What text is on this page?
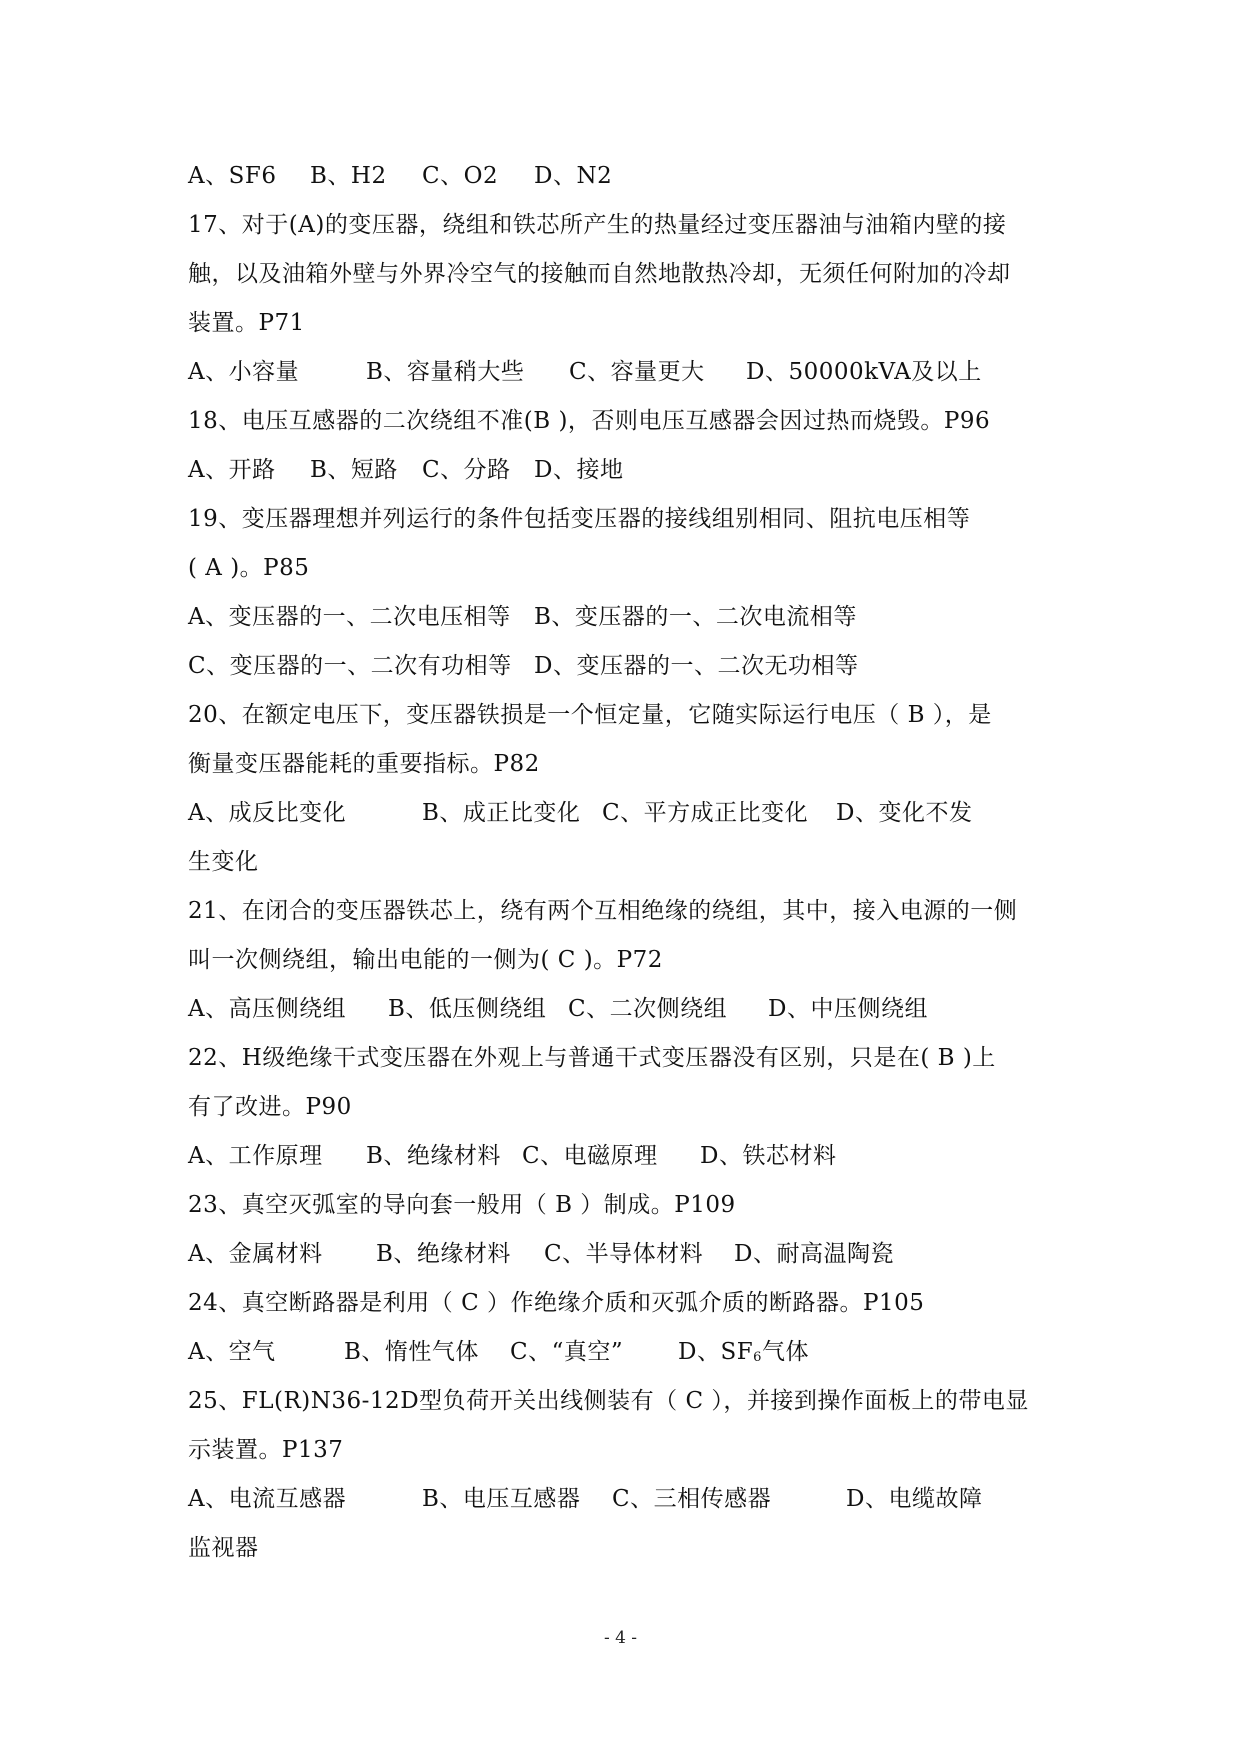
A、SF6 B、H2 C、O2 D、N2
17、对于(A)的变压器，绕组和铁芯所产生的热量经过变压器油与油箱内壁的接
触，以及油箱外壁与外界冷空气的接触而自然地散热冷却，无须任何附加的冷却
装置。P71
A、小容量	B、容量稍大些 C、容量更大 D、50000kVA及以上
18、电压互感器的二次绕组不准(B )，否则电压互感器会因过热而烧毁。P96
A、开路 B、短路 C、分路 D、接地
19、变压器理想并列运行的条件包括变压器的接线组别相同、阻抗电压相等
( A )。P85
A、变压器的一、二次电压相等 B、变压器的一、二次电流相等
C、变压器的一、二次有功相等 D、变压器的一、二次无功相等
20、在额定电压下，变压器铁损是一个恒定量，它随实际运行电压（ B ），是
衡量变压器能耗的重要指标。P82
A、成反比变化	B、成正比变化 C、平方成正比变化 D、变化不发
生变化
21、在闭合的变压器铁芯上，绕有两个互相绝缘的绕组，其中，接入电源的一侧
叫一次侧绕组，输出电能的一侧为( C )。P72
A、高压侧绕组 B、低压侧绕组 C、二次侧绕组 D、中压侧绕组
22、H级绝缘干式变压器在外观上与普通干式变压器没有区别，只是在( B )上
有了改进。P90
A、工作原理 B、绝缘材料 C、电磁原理 D、铁芯材料
23、真空灭弧室的导向套一般用（ B ）制成。P109
A、金属材料 B、绝缘材料 C、半导体材料 D、耐高温陶瓷
24、真空断路器是利用（ C ）作绝缘介质和灭弧介质的断路器。P105
A、空气	B、惰性气体 C、“真空” D、$SF_6$气体
25、FL(R)N36-12D型负荷开关出线侧装有（ C ），并接到操作面板上的带电显
示装置。P137
A、电流互感器	B、电压互感器 C、三相传感器	D、电缆故障
监视器
- 4 -
